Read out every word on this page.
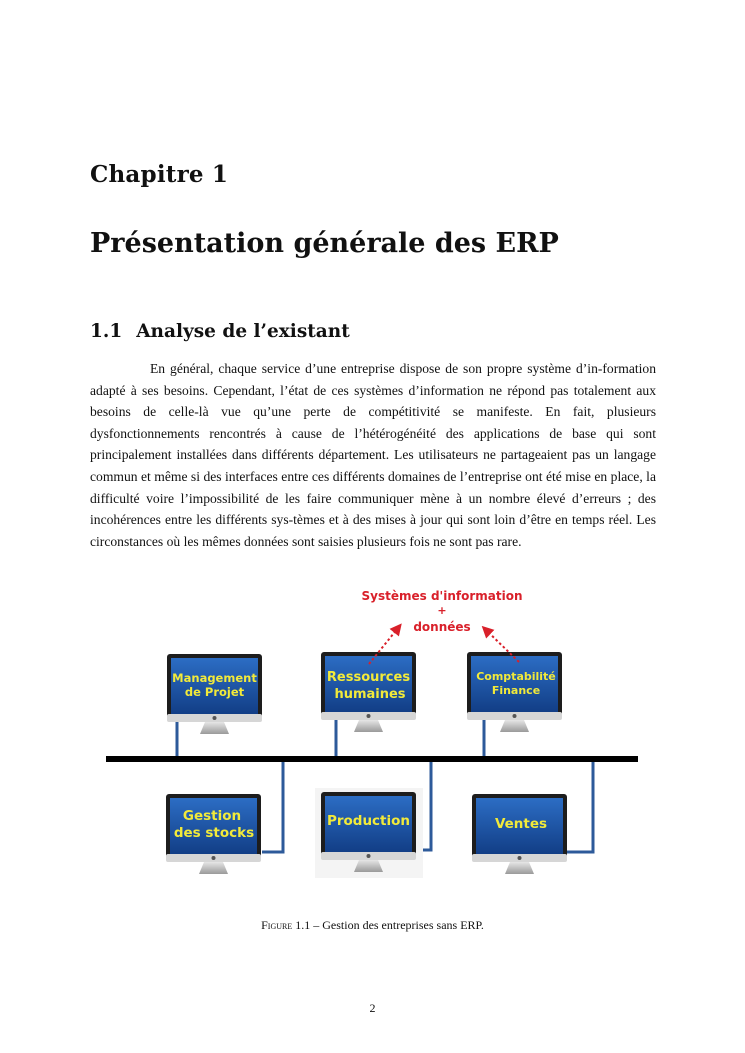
Chapitre 1
Présentation générale des ERP
1.1 Analyse de l’existant

En général, chaque service d’une entreprise dispose de son propre système d’in-formation adapté à ses besoins. Cependant, l’état de ces systèmes d’information ne répond pas totalement aux besoins de celle-là vue qu’une perte de compétitivité se manifeste. En fait, plusieurs dysfonctionnements rencontrés à cause de l’hétérogénéité des applications de base qui sont principalement installées dans différents département. Les utilisateurs ne partageaient pas un langage commun et même si des interfaces entre ces différents domaines de l’entreprise ont été mise en place, la difficulté voire l’impossibilité de les faire communiquer mène à un nombre élevé d’erreurs ; des incohérences entre les différents sys-tèmes et à des mises à jour qui sont loin d’être en temps réel. Les circonstances où les mêmes données sont saisies plusieurs fois ne sont pas rare.

Management
de Projet
Ressources
humaines
Comptabilité
Finance
Gestion
des stocks
Production	Ventes
Systèmes d'information
+
données
Figure 1.1 – Gestion des entreprises sans ERP.
2
